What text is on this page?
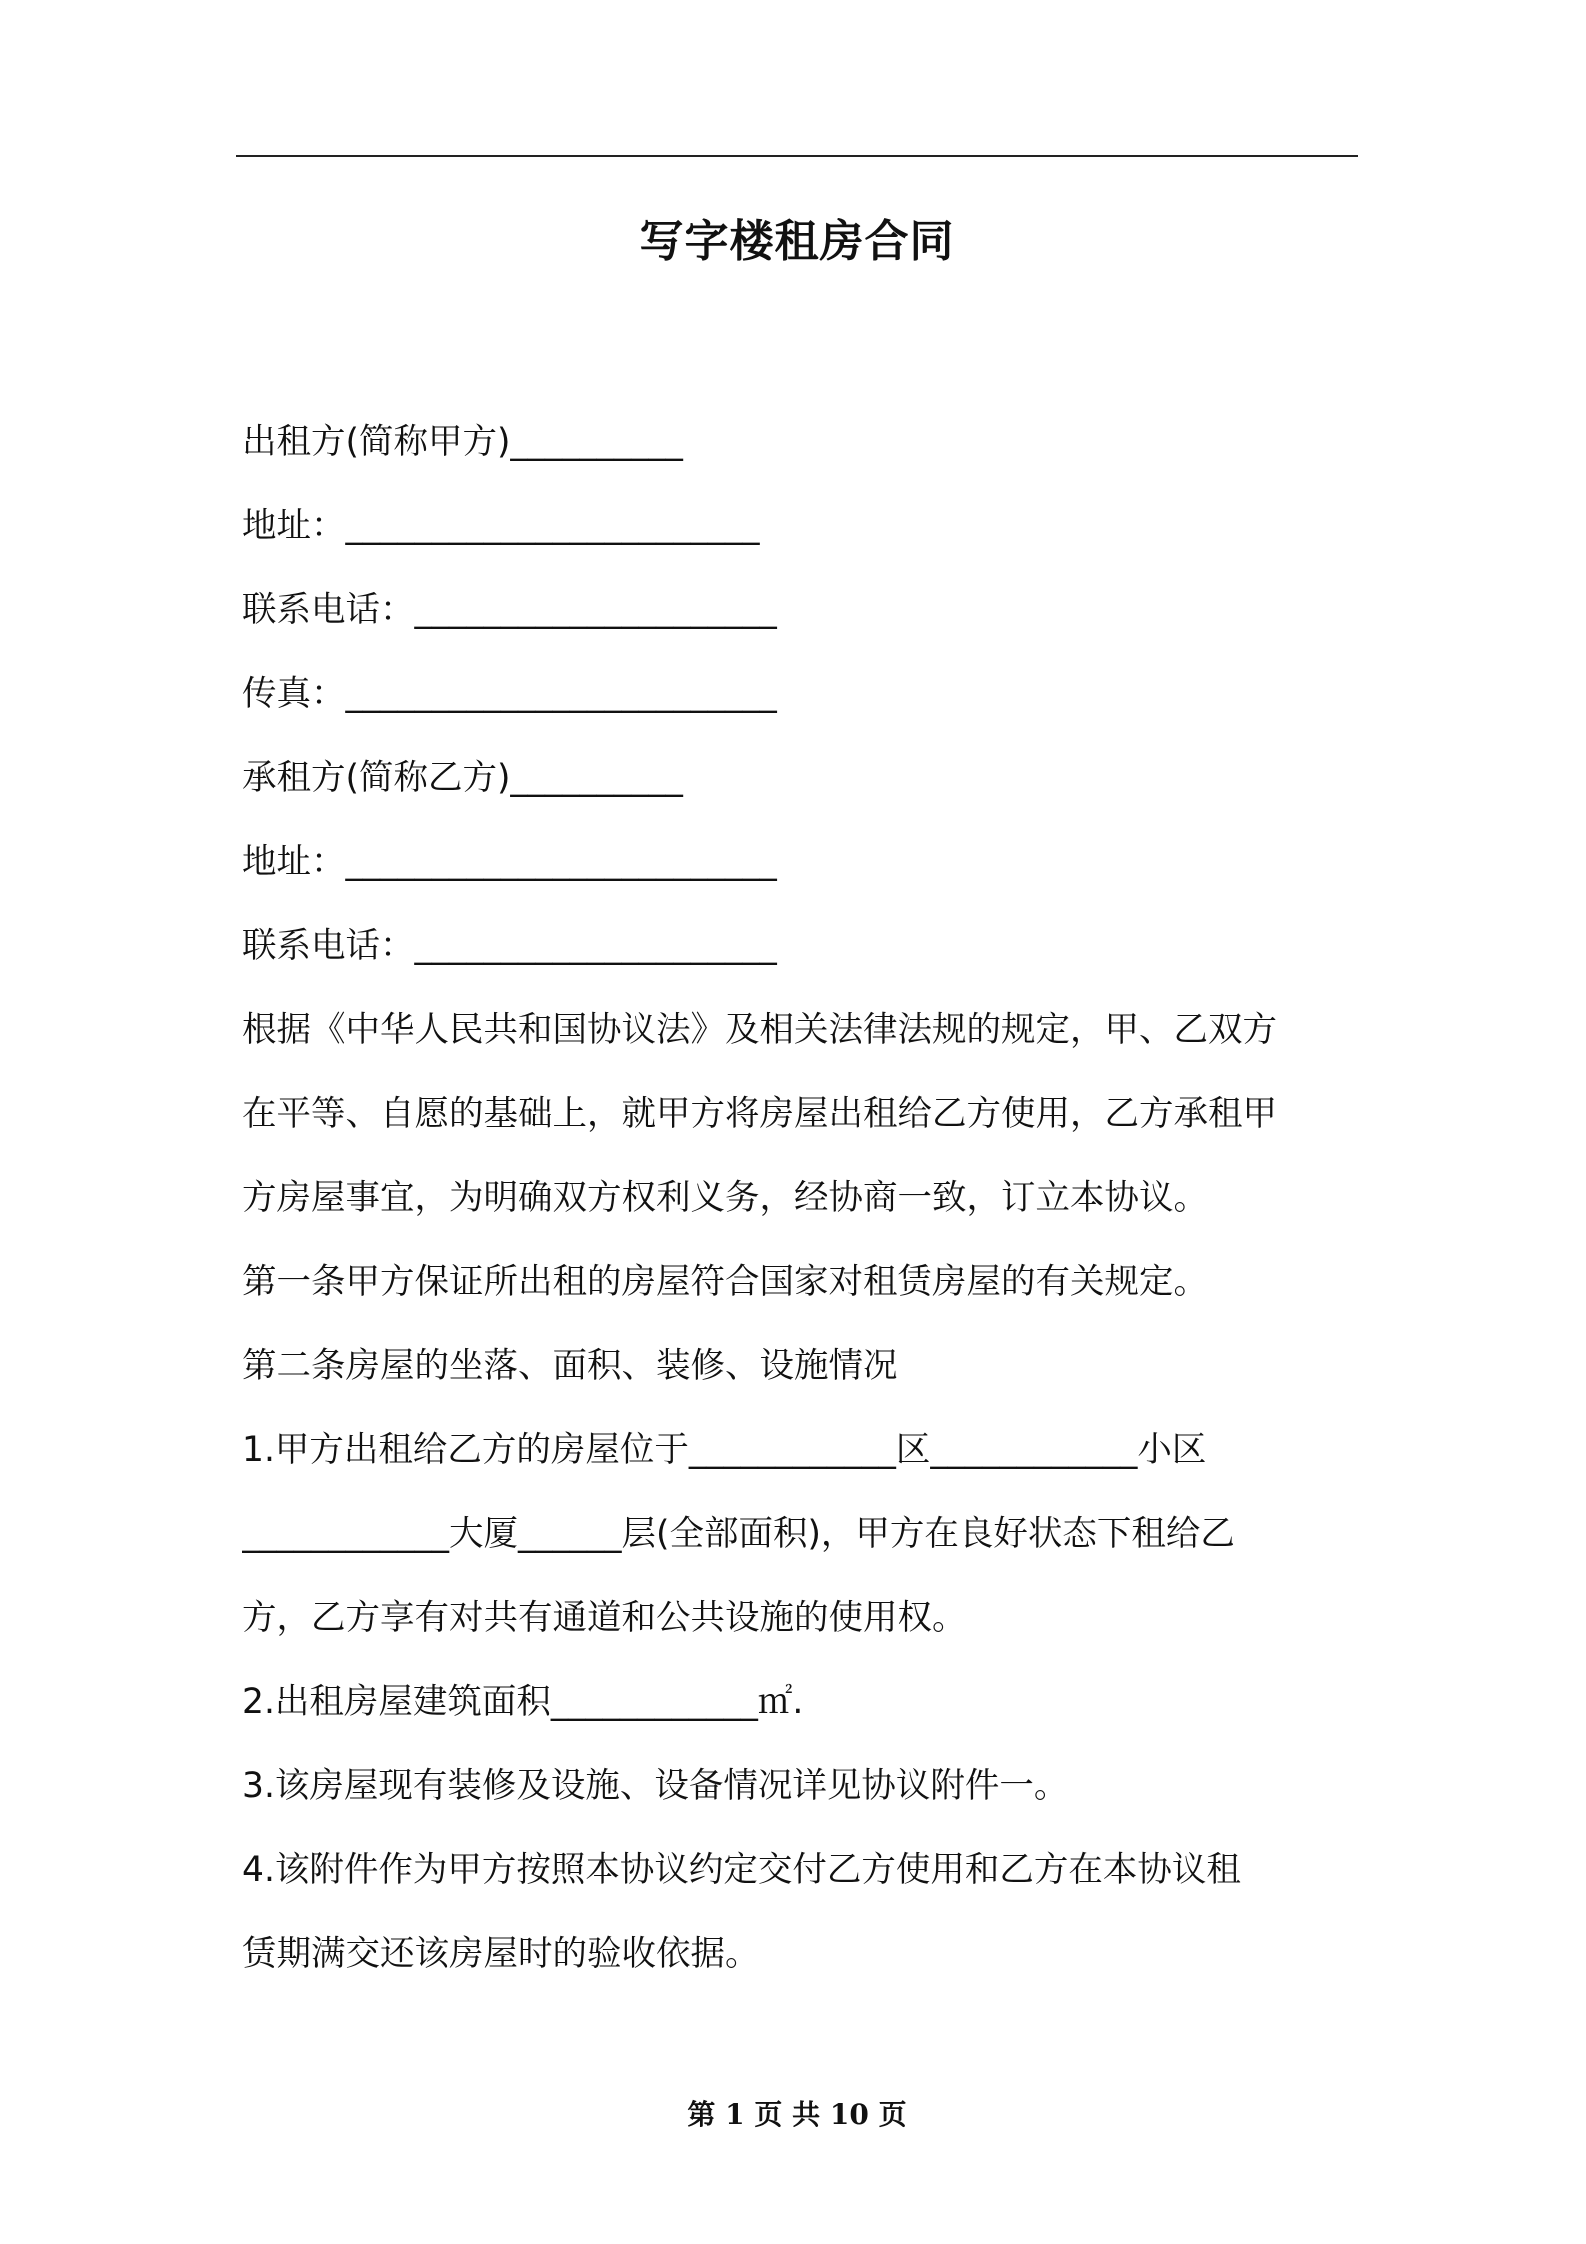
写字楼租房合同
出租方(简称甲方)__________
地址：________________________
联系电话：_____________________
传真：_________________________
承租方(简称乙方)__________
地址：_________________________
联系电话：_____________________
根据《中华人民共和国协议法》及相关法律法规的规定，甲、乙双方
在平等、自愿的基础上，就甲方将房屋出租给乙方使用，乙方承租甲
方房屋事宜，为明确双方权利义务，经协商一致，订立本协议。
第一条甲方保证所出租的房屋符合国家对租赁房屋的有关规定。
第二条房屋的坐落、面积、装修、设施情况
1.甲方出租给乙方的房屋位于____________区____________小区
____________大厦______层(全部面积)，甲方在良好状态下租给乙
方，乙方享有对共有通道和公共设施的使用权。
2.出租房屋建筑面积____________㎡.
3.该房屋现有装修及设施、设备情况详见协议附件一。
4.该附件作为甲方按照本协议约定交付乙方使用和乙方在本协议租
赁期满交还该房屋时的验收依据。
第 1 页 共 10 页
